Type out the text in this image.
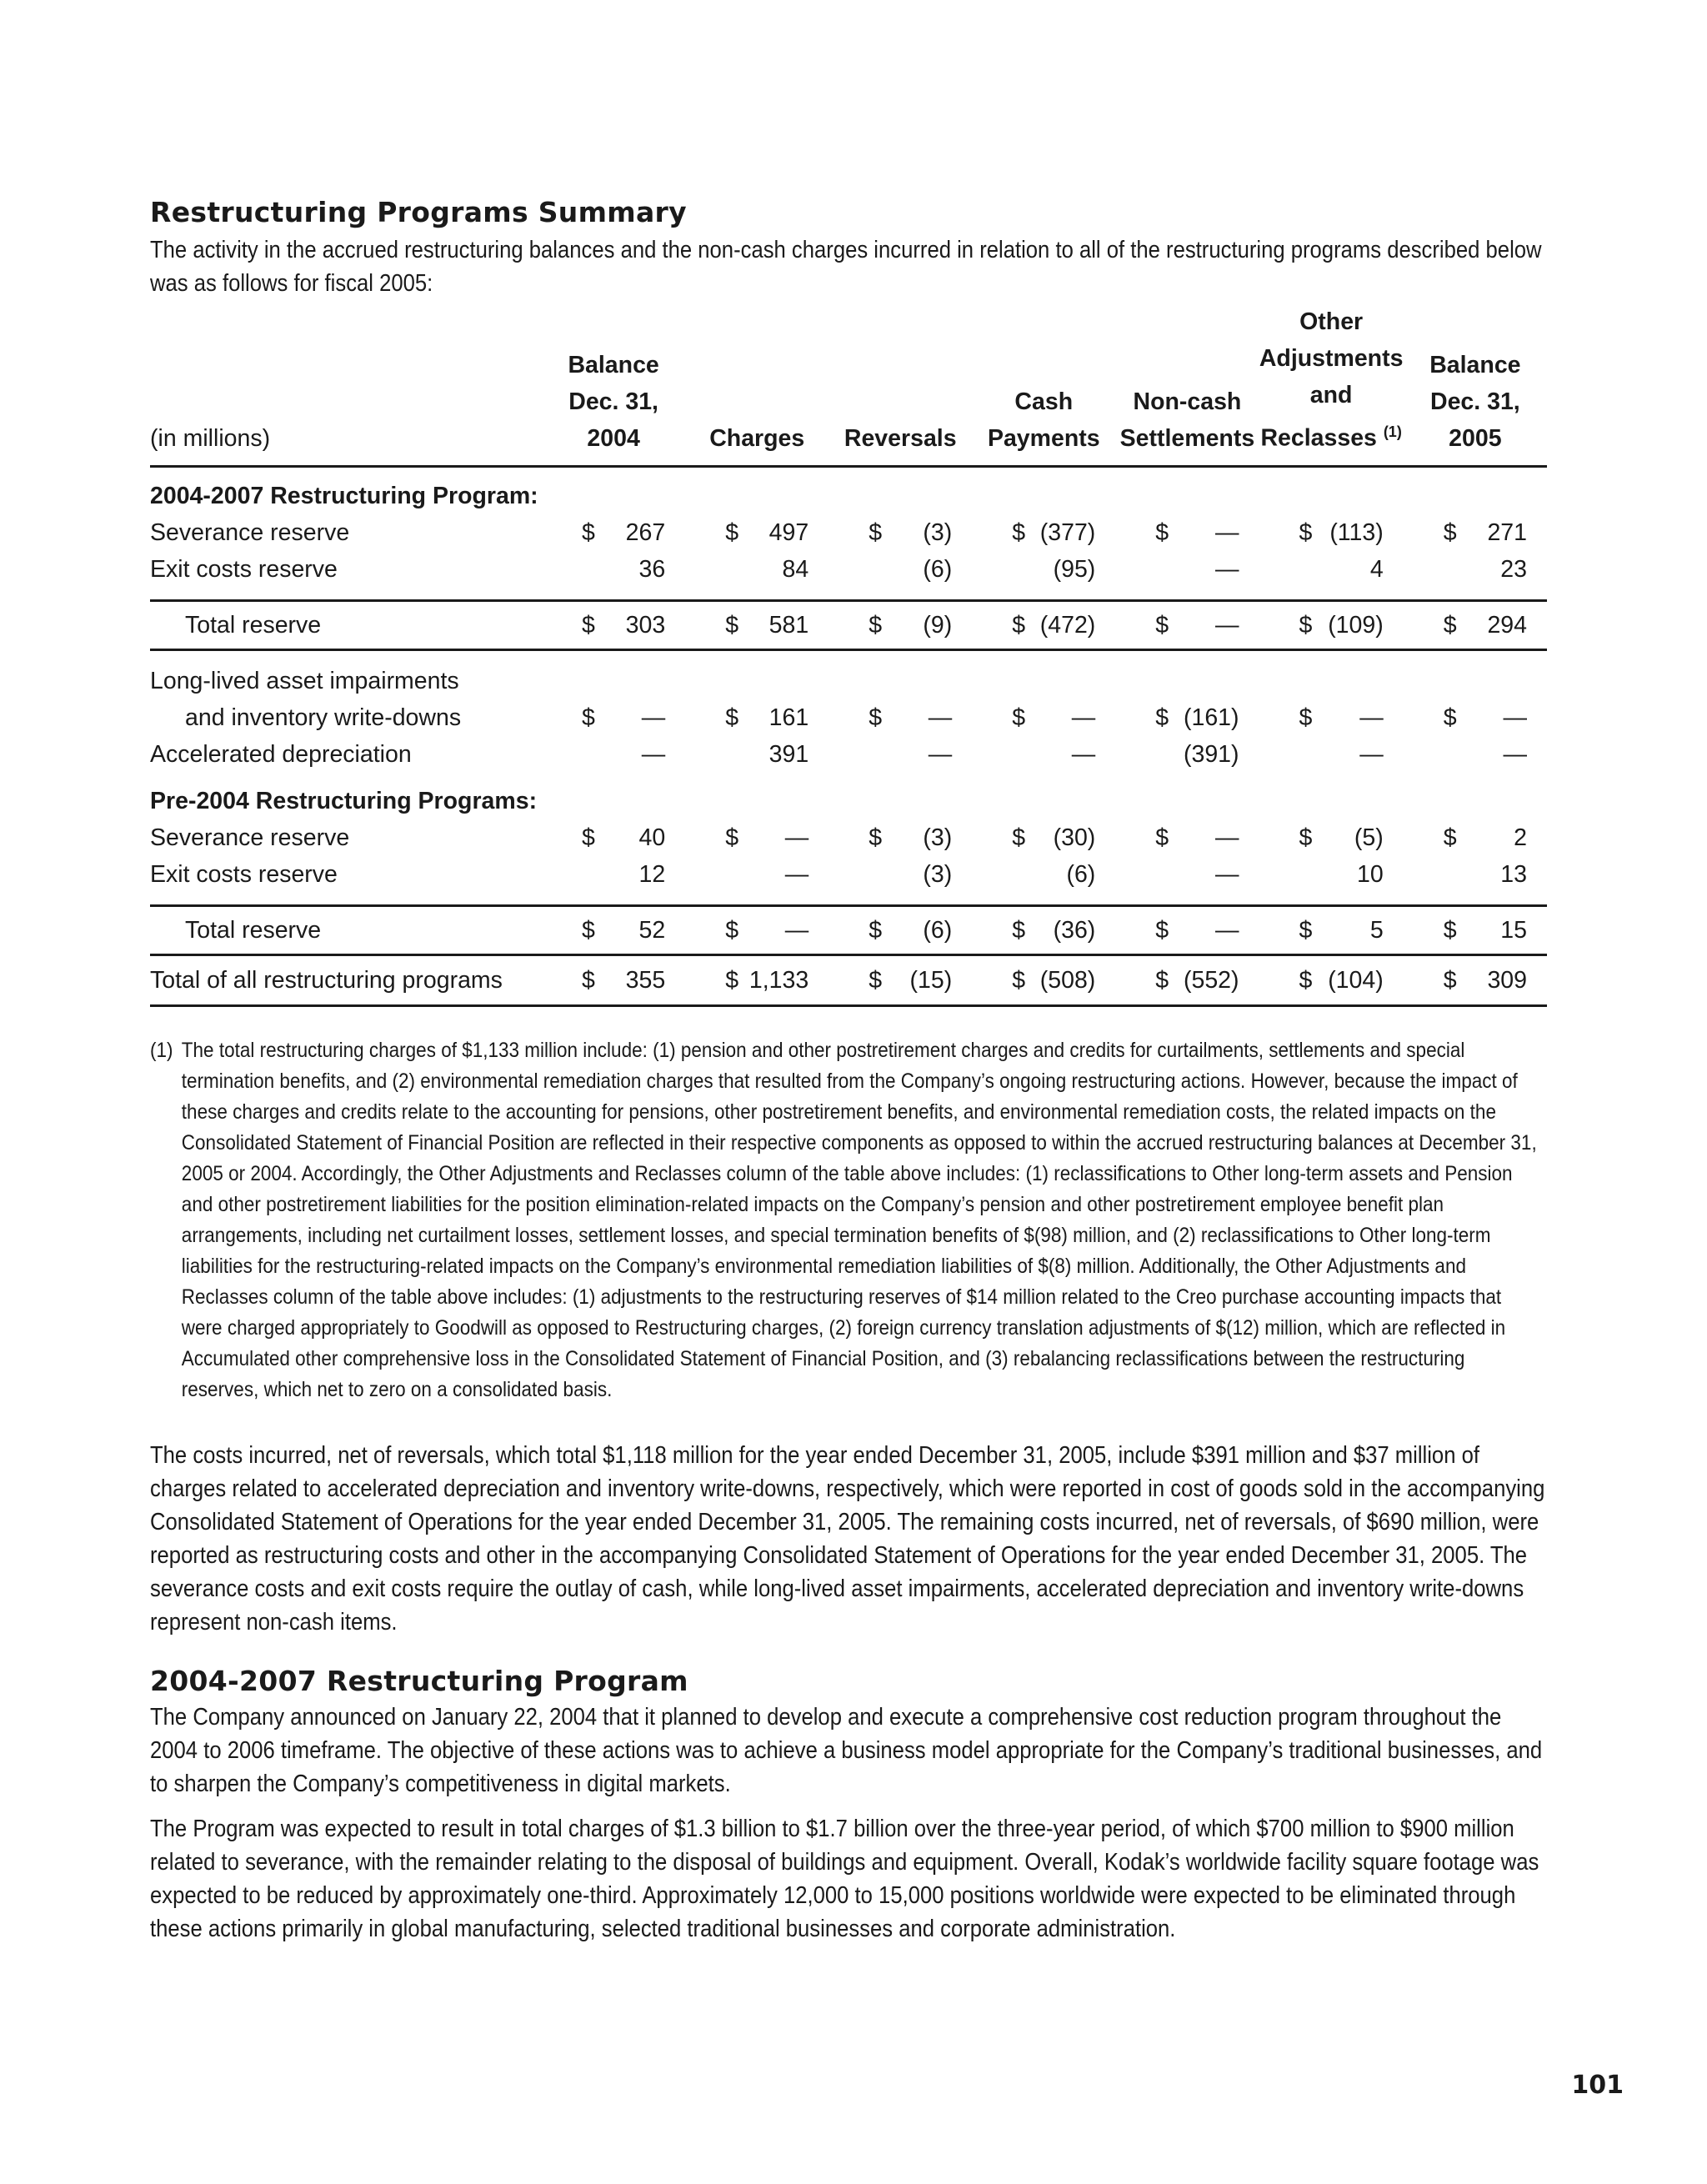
Restructuring Programs Summary

The activity in the accrued restructuring balances and the non-cash charges incurred in relation to all of the restructuring programs described below was as follows for fiscal 2005:

(in millions)	Balance Dec. 31, 2004	Charges	Reversals	Cash Payments	Non-cash Settlements	Other Adjustments and Reclasses $^{(1)}$	Balance Dec. 31, 2005
2004-2007 Restructuring Program:							
Severance reserve	$ 267	$ 497	$ (3)	$ (377)	$ —	$ (113)	$ 271

Exit costs reserve	36	84	(6)	(95)	—	4	23

Total reserve	$ 303	$ 581	$ (9)	$ (472)	$ —	$ (109)	$ 294

Long-lived asset impairments							
and inventory write-downs	$ —	$ 161	$ —	$ —	$ (161)	$ —	$ —

Accelerated depreciation	—	391	—	—	(391)	—	—

Pre-2004 Restructuring Programs:							
Severance reserve	$ 40	$ —	$ (3)	$ (30)	$ —	$ (5)	$ 2

Exit costs reserve	12	—	(3)	(6)	—	10	13

Total reserve	$ 52	$ —	$ (6)	$ (36)	$ —	$ 5	$ 15

Total of all restructuring programs	$ 355	$ 1,133	$ (15)	$ (508)	$ (552)	$ (104)	$ 309
(1) The total restructuring charges of $1,133 million include: (1) pension and other postretirement charges and credits for curtailments, settlements and special termination benefits, and (2) environmental remediation charges that resulted from the Company’s ongoing restructuring actions. However, because the impact of these charges and credits relate to the accounting for pensions, other postretirement benefits, and environmental remediation costs, the related impacts on the Consolidated Statement of Financial Position are reflected in their respective components as opposed to within the accrued restructuring balances at December 31, 2005 or 2004. Accordingly, the Other Adjustments and Reclasses column of the table above includes: (1) reclassifications to Other long-term assets and Pension and other postretirement liabilities for the position elimination-related impacts on the Company’s pension and other postretirement employee benefit plan arrangements, including net curtailment losses, settlement losses, and special termination benefits of $(98) million, and (2) reclassifications to Other long-term liabilities for the restructuring-related impacts on the Company’s environmental remediation liabilities of $(8) million. Additionally, the Other Adjustments and Reclasses column of the table above includes: (1) adjustments to the restructuring reserves of $14 million related to the Creo purchase accounting impacts that were charged appropriately to Goodwill as opposed to Restructuring charges, (2) foreign currency translation adjustments of $(12) million, which are reflected in Accumulated other comprehensive loss in the Consolidated Statement of Financial Position, and (3) rebalancing reclassifications between the restructuring reserves, which net to zero on a consolidated basis.

The costs incurred, net of reversals, which total $1,118 million for the year ended December 31, 2005, include $391 million and $37 million of charges related to accelerated depreciation and inventory write-downs, respectively, which were reported in cost of goods sold in the accompanying Consolidated Statement of Operations for the year ended December 31, 2005. The remaining costs incurred, net of reversals, of $690 million, were reported as restructuring costs and other in the accompanying Consolidated Statement of Operations for the year ended December 31, 2005. The severance costs and exit costs require the outlay of cash, while long-lived asset impairments, accelerated depreciation and inventory write-downs represent non-cash items.

2004-2007 Restructuring Program

The Company announced on January 22, 2004 that it planned to develop and execute a comprehensive cost reduction program throughout the 2004 to 2006 timeframe. The objective of these actions was to achieve a business model appropriate for the Company’s traditional businesses, and to sharpen the Company’s competitiveness in digital markets.

The Program was expected to result in total charges of $1.3 billion to $1.7 billion over the three-year period, of which $700 million to $900 million related to severance, with the remainder relating to the disposal of buildings and equipment. Overall, Kodak’s worldwide facility square footage was expected to be reduced by approximately one-third. Approximately 12,000 to 15,000 positions worldwide were expected to be eliminated through these actions primarily in global manufacturing, selected traditional businesses and corporate administration.

101
